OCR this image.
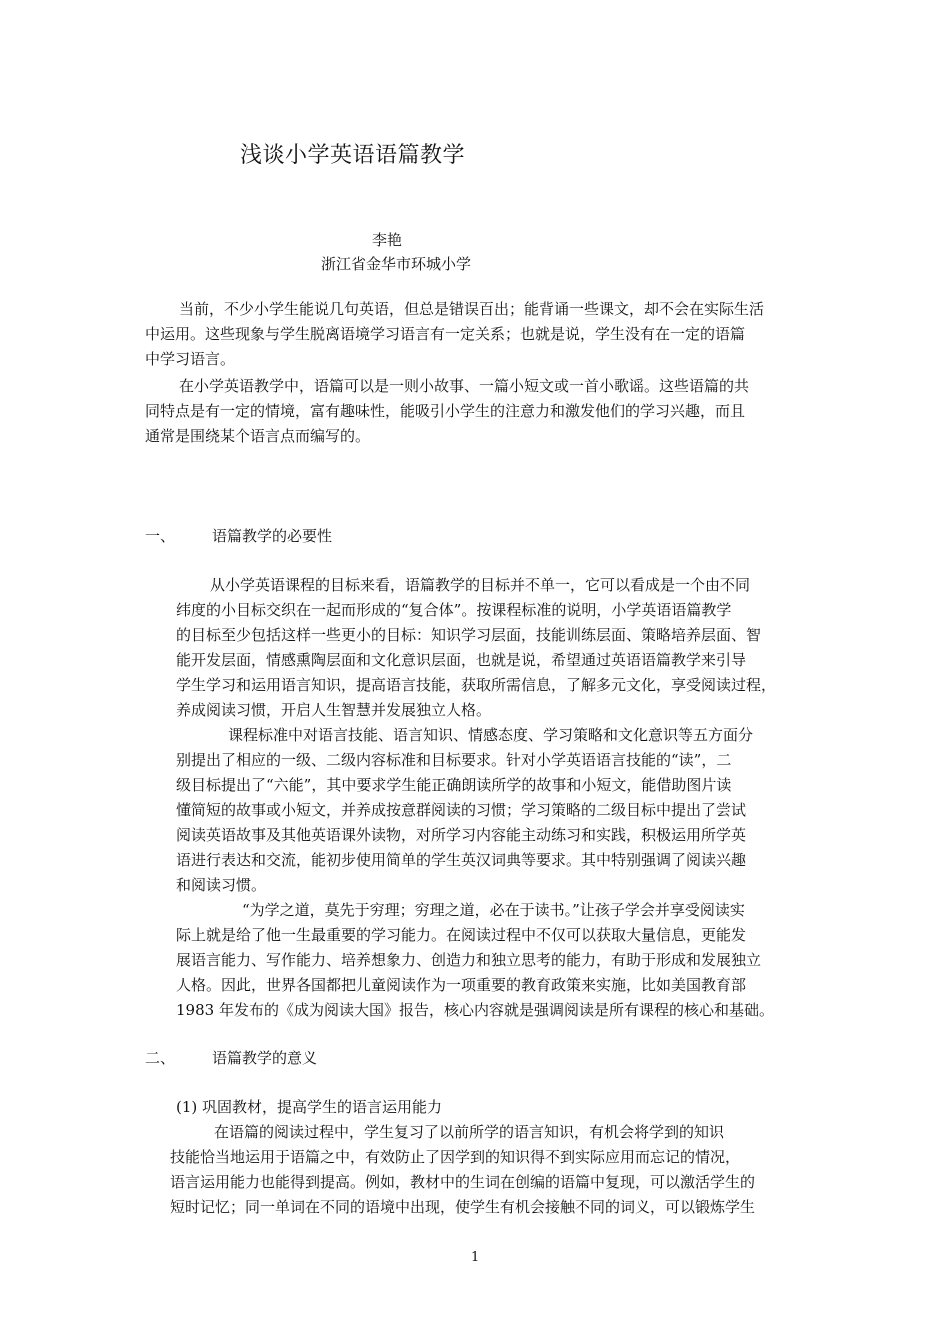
浅谈小学英语语篇教学
李艳
浙江省金华市环城小学
当前，不少小学生能说几句英语，但总是错误百出；能背诵一些课文，却不会在实际生活
中运用。这些现象与学生脱离语境学习语言有一定关系；也就是说，学生没有在一定的语篇
中学习语言。
在小学英语教学中，语篇可以是一则小故事、一篇小短文或一首小歌谣。这些语篇的共
同特点是有一定的情境，富有趣味性，能吸引小学生的注意力和激发他们的学习兴趣，而且
通常是围绕某个语言点而编写的。
一、 语篇教学的必要性
从小学英语课程的目标来看，语篇教学的目标并不单一，它可以看成是一个由不同
纬度的小目标交织在一起而形成的“复合体”。按课程标准的说明，小学英语语篇教学
的目标至少包括这样一些更小的目标：知识学习层面，技能训练层面、策略培养层面、智
能开发层面，情感熏陶层面和文化意识层面，也就是说，希望通过英语语篇教学来引导
学生学习和运用语言知识，提高语言技能，获取所需信息，了解多元文化，享受阅读过程，
养成阅读习惯，开启人生智慧并发展独立人格。
课程标准中对语言技能、语言知识、情感态度、学习策略和文化意识等五方面分
别提出了相应的一级、二级内容标准和目标要求。针对小学英语语言技能的“读”，二
级目标提出了“六能”，其中要求学生能正确朗读所学的故事和小短文，能借助图片读
懂简短的故事或小短文，并养成按意群阅读的习惯；学习策略的二级目标中提出了尝试
阅读英语故事及其他英语课外读物，对所学习内容能主动练习和实践，积极运用所学英
语进行表达和交流，能初步使用简单的学生英汉词典等要求。其中特别强调了阅读兴趣
和阅读习惯。
“为学之道，莫先于穷理；穷理之道，必在于读书。”让孩子学会并享受阅读实
际上就是给了他一生最重要的学习能力。在阅读过程中不仅可以获取大量信息，更能发
展语言能力、写作能力、培养想象力、创造力和独立思考的能力，有助于形成和发展独立
人格。因此，世界各国都把儿童阅读作为一项重要的教育政策来实施，比如美国教育部
1983 年发布的《成为阅读大国》报告，核心内容就是强调阅读是所有课程的核心和基础。
二、 语篇教学的意义
(1) 巩固教材，提高学生的语言运用能力
在语篇的阅读过程中，学生复习了以前所学的语言知识，有机会将学到的知识
技能恰当地运用于语篇之中，有效防止了因学到的知识得不到实际应用而忘记的情况，
语言运用能力也能得到提高。例如，教材中的生词在创编的语篇中复现，可以激活学生的
短时记忆；同一单词在不同的语境中出现，使学生有机会接触不同的词义，可以锻炼学生
1
